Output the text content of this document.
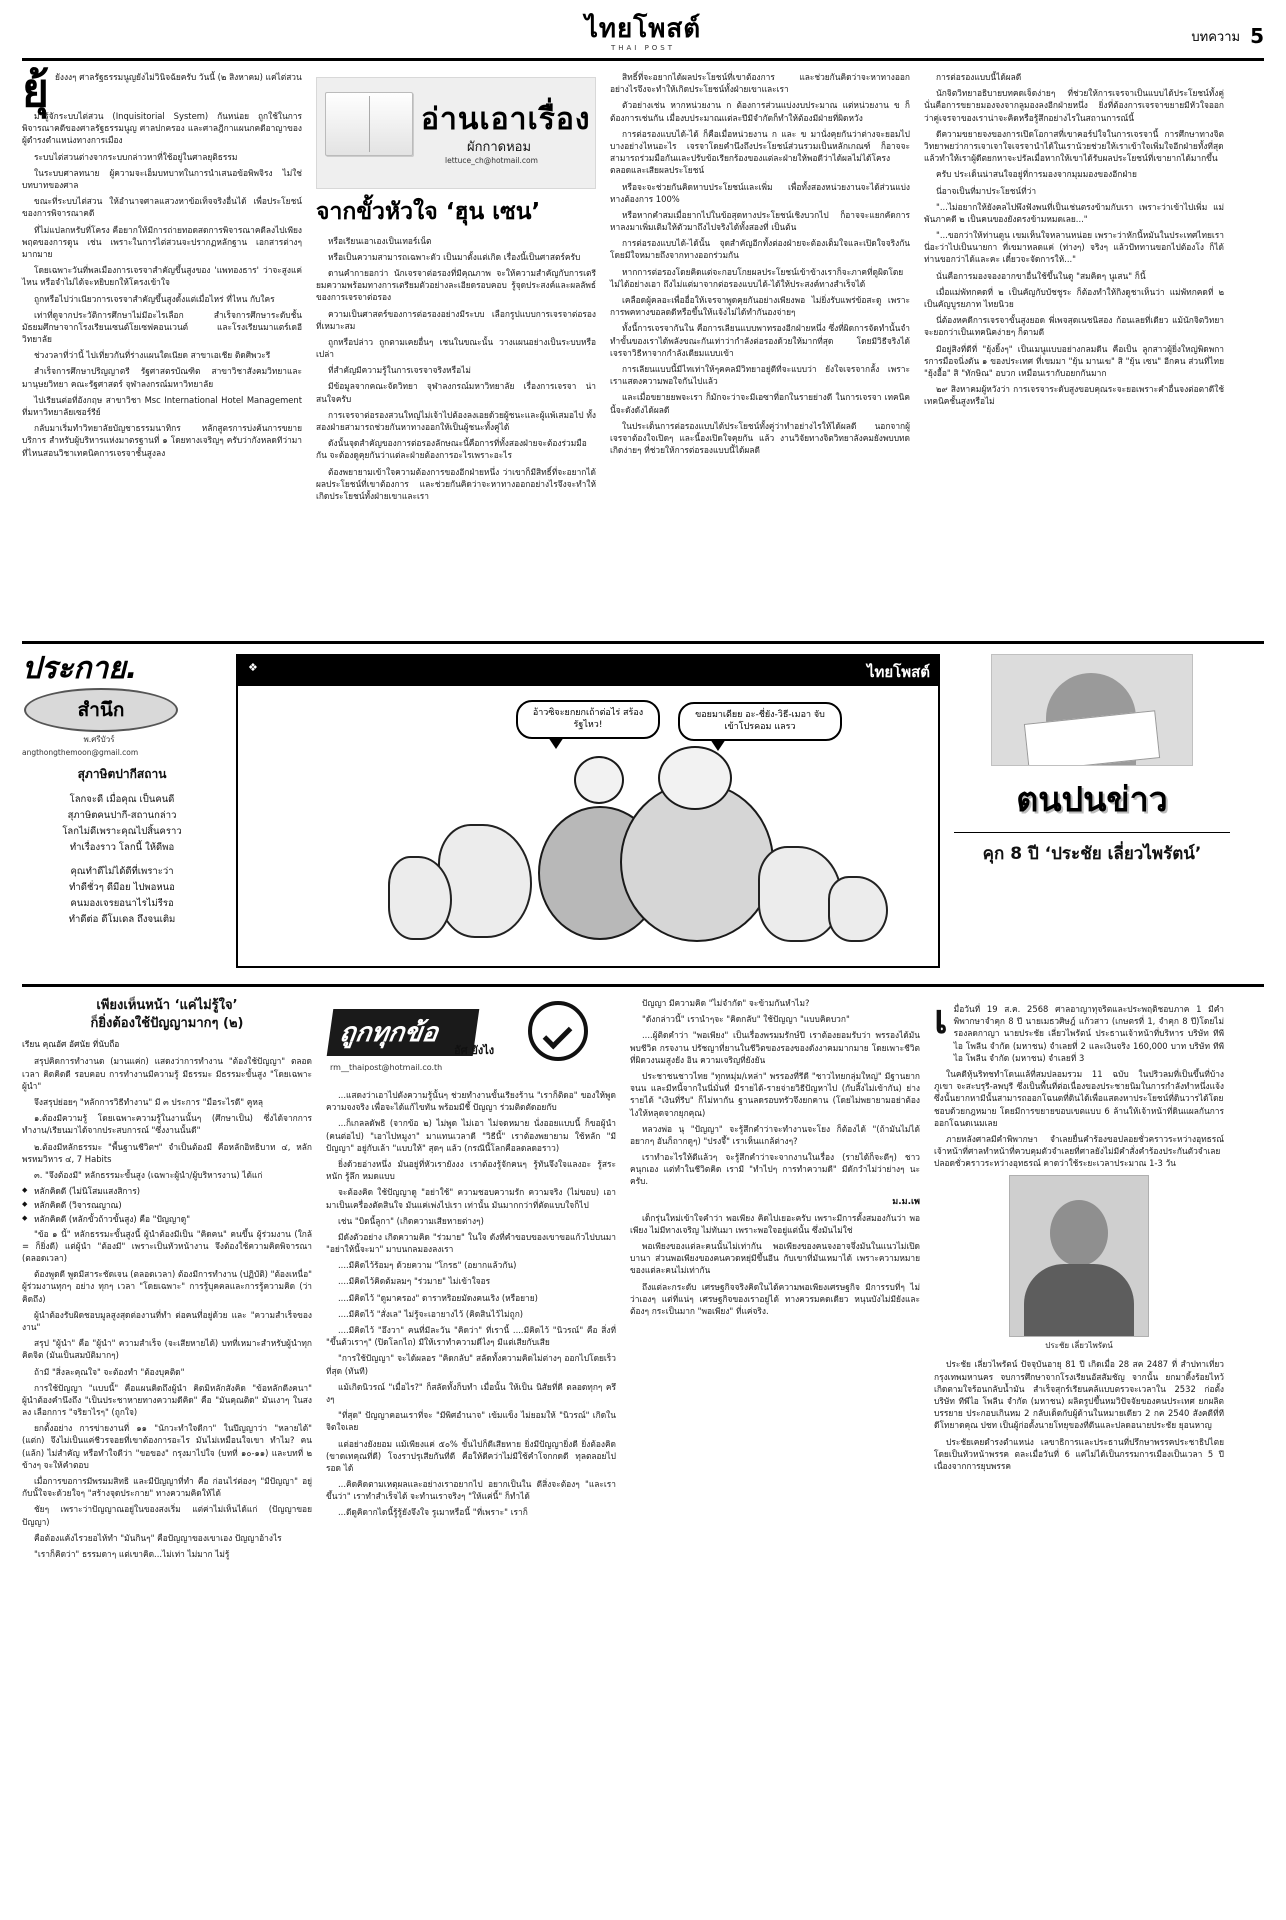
ไทยโพสต์
THAI POST
บทความ 5
ยุ้ ยังงงๆ ศาลรัฐธรรมนูญยังไม่วินิจฉัยครับ วันนี้ (๒ สิงหาคม) แค่ไต่สวน

มารู้จักระบบไต่สวน (Inquisitorial System) กันหน่อย ถูกใช้ในการพิจารณาคดีของศาลรัฐธรรมนูญ ศาลปกครอง และศาลฎีกาแผนกคดีอาญาของผู้ดำรงตำแหน่งทางการเมือง

ระบบไต่สวนต่างจากระบบกล่าวหาที่ใช้อยู่ในศาลยุติธรรม

ในระบบศาลทนาย ผู้ความจะเอ็มบทบาทในการนำเสนอข้อพิพจิรง ไม่ใช่บทบาทของศาล

ขณะที่ระบบไต่สวน ให้อำนาจศาลแสวงหาข้อเท็จจริงอื่นได้ เพื่อประโยชน์ของการพิจารณาคดี

ที่ไม่แปลกหรับที่โครง คือยากให้มีการถ่ายทอดสดการพิจารณาคดีลงไปเพียงพฤตของการดูน เช่น เพราะในการไต่สวนจะปรากฏหลักฐาน เอกสารต่างๆ มากมาย

โดยเฉพาะวันที่พลเมืองการเจรจาสำคัญขึ้นสูงของ 'แพทองธาร' ว่าจะสูงแค่ไหน หรือจำไม่ได้จะหยิบยกให้โครงเข้าใจ

ถูกหรือไปว่าเนียวการเจรจาสำคัญขึ้นสูงดั้งแต่เมื่อไหร่ ที่ไหน กับใคร

เท่าที่ดูจากประวัติการศึกษาไม่มีอะไรเลือก สำเร็จการศึกษาระดับชั้นมัธยมศึกษาจากโรงเรียนเซนต์โยเซฟคอนเวนต์ และโรงเรียนมาแตร์เดอีวิทยาลัย

ช่วงวลาที่ว่านี้ ไปเที่ยวกันที่ร่างแผนใดเนียด สาขาเอเชีย ติดศิพวะรี

สำเร็จการศึกษาปริญญาตรี รัฐศาสตรบัณฑิต สาขาวิชาสังคมวิทยาและมานุษยวิทยา คณะรัฐศาสตร์ จุฬาลงกรณ์มหาวิทยาลัย

ไปเรียนต่อที่อังกฤษ สาขาวิชา Msc International Hotel Management ที่มหาวิทยาลัยเซอร์รีย์

กลับมาเริ่มทำวิทยาลัยบัญชาธรรมนาทิกร หลักสูตรการบ่งค้นการขยายบริการ สำหรับผู้บริหารแห่งมาตรฐานที่ ๑ โดยทางเจริญๆ ครับว่ากังหลดทีว่ามา ที่ไหนสอนวิชาเทคนิคการเจรจาชั้นสูงลง

อ่านเอาเรื่อง
ผักกาดหอม
lettuce_ch@hotmail.com
จากขั้วหัวใจ ‘ฮุน เซน’

หรือเรียนเอาเองเป็นเทอร์เน็ต

หรือเป็นความสามารถเฉพาะตัว เป็นมาตั้งแต่เกิด เรื่องนี้เป็นศาสตร์ครับ

ดานคำกายอกว่า นักเจรจาต่อรองที่มีคุณภาพ จะให้ความสำคัญกับการเตรียมความพร้อมทางการเตรียมตัวอย่างละเอียดรอบคอบ รู้จุดประสงค์และผลลัพธ์ของการเจรจาต่อรอง

ความเป็นศาสตร์ของการต่อรองอย่างมีระบบ เลือกรูปแบบการเจรจาต่อรองที่เหมาะสม

ถูกหรือปล่าว ถูกตามเคยอื่นๆ เชนในขณะนั้น วางแผนอย่างเป็นระบบหรือเปล่า

ที่สำคัญมีความรู้ในการเจรจาจริงหรือไม่

มีข้อมูลจากคณะจัดวิทยา จุฬาลงกรณ์มหาวิทยาลัย เรื่องการเจรจา น่าสนใจครับ

การเจรจาต่อรองสวนใหญ่ไม่เจ้าไปต้องลงเอยด้วยผู้ชนะและผู้แพ้เสมอไป ทั้งสองฝ่ายสามารถช่วยกันหาทางออกให้เป็นผู้ชนะทั้งคู่ได้

ดังนั้นจุดสำคัญของการต่อรองลักษณะนี้คือการที่ทั้งสองฝ่ายจะต้องร่วมมือกัน จะต้องดูคุยกันว่าแต่ละฝ่ายต้องการอะไรเพราะอะไร

ต้องพยายามเข้าใจความต้องการของอีกฝ่ายหนึ่ง ว่าเขาก็มีสิทธิ์ที่จะอยากได้ผลประโยชน์ที่เขาต้องการ และช่วยกันคิดว่าจะหาทางออกอย่างไรจึงจะทำให้เกิดประโยชน์ทั้งฝ่ายเขาและเรา

สิทธิ์ที่จะอยากได้ผลประโยชน์ที่เขาต้องการ และช่วยกันคิดว่าจะหาทางออกอย่างไรจึงจะทำให้เกิดประโยชน์ทั้งฝ่ายเขาและเรา

ตัวอย่างเช่น หากหน่วยงาน ก ต้องการส่วนแบ่งงบประมาณ แต่หน่วยงาน ข ก็ต้องการเช่นกัน เมื่องบประมาณแต่ละปีมีจำกัดก็ทำให้ต้องมีฝ่ายที่ผิดหวัง

การต่อรองแบบได้-ได้ ก็คือเมื่อหน่วยงาน ก และ ข มานั่งคุยกันว่าต่างจะยอมไปบางอย่างไหนอะไร เจรจาโดยคำนึงถึงประโยชน์ส่วนรวมเป็นหลักเกณฑ์ ก็อาจจะสามารถร่วมมือกันและปรับข้อเรียกร้องของแต่ละฝ่ายให้พอดีว่าได้ผลไม่ได้โครงตลอดและเสียผลประโยชน์

หรือจะจะช่วยกันคิดหาบประโยชน์และเพิ่ม เพื่อทั้งสองหน่วยงานจะได้ส่วนแบ่งทางต้องการ 100%

หรือหากคำสมเมื่อยากไปในข้อสุดทางประโยชน์เชิงบวกไป ก็อาจจะแยกคัดการหาลงมาเพิ่มเติมให้ตัวมาถึงไปจริงได้ทั้งสองที่ เป็นต้น

การต่อรองแบบได้-ได้นั้น จุดสำคัญอีกทั้งต่องฝ่ายจะต้องเต็มใจและเปิดใจจริงกัน โดยมีใจหมายถึงจากทางออกร่วมกัน

หากการต่อรองโดยคิดแต่จะกอบโกยผลประโยชน์เข้าข้างเราก็จะภาคที่ดูผิดโดยไม่ได้อย่างเอา ถึงไม่แต่มาจากต่อรองแบบได้-ได้ให้ประสงค์ทางสำเร็จได้

เคลือดผู้คลอะเพื่ออื่อให้เจรจาพูดคุยกันอย่างเพียงพอ ไม่ยิ่งรับแพร่ข้อสะดู เพราะการพคทางขอลดดีหรือขึ้นให้แจ้งไม่ได้ทำกันองจ่ายๆ

ทั้งนี้การเจรจากันใน คือการเลียนแบบพาทรองอีกฝ่ายหนึ่ง ซึ่งที่ผิดการจัดทำนั้นจำทำขั้นของเราได้พลังขณะกันเท่าว่ากำลังต่อรองด้วยให้มากที่สุด โดยมีวิธีจริงได้เจรจาวิธีหาจากกำลังเดียมแบบเข้า

การเลียนแบบนี้มีไทเท่าให้ๆุคคลมีวิทยาอยู่ดีที่จะแบบว่า ยังใจเจรจากลั้ง เพราะเราแสดงความพอใจกันไปแล้ว

และเมื่อขยายยพจะเรา ก็มักจะว่าจะมีเอซาที่อกในรายย่างดี ในการเจรจา เทคนิคนี้จะดังดังได้ผลดี

ในประเด็นการต่อรองแบบได้ประโยชน์ทั้งคู่ว่าทำอย่างไรให้ได้ผลดี นอกจากผู้เจรจาต้องใจเปิดๆ และนี้องเปิดใจคุยกัน แล้ว งานวิจัยทางจิตวิทยาลังคมยังพบบทดเกิดง่ายๆ ที่ช่วยให้การต่อรองแบบนี้ได้ผลดี

การต่อรองแบบนี้ได้ผลดี

นักจิตวิทยาอธิบายบทคดเจ็ดง่ายๆ ที่ช่วยให้การเจรจาเป็นแบบได้ประโยชน์ทั้งคู่ นั่นคือการขยายมองจงจากลูมองลงอีกฝ่ายหนึ่ง ยิ่งที่ต้องการเจรจาขยายมีหัวใจออกว่าคู่เจรจาของเราน่าจะคิดหรือรู้สึกอย่างไรในสถานการณ์นี้

ดีความขยายจงของการเปิดโอกาสที่เขาคอร์ปใจในการเจรจานี้ การศึกษาทางจิตวิทยาพยว่าการเจาเจาใจเจรจานำได้ในเราน้วยช่วยให้เราเข้าใจเพิ่มใจอีกฝ่ายทั้งที่สุด แล้วทำให้เราผู้ดีตยกหาจะปรัลเมื่อหากให้เขาได้รับผลประโยชน์ที่เขายากได้มากขึ้น

ครับ ประเด็นน่าสนใจอยู่ที่การมองจากมุมมองของอีกฝ่าย

นี่อาจเป็นที่มาประโยชน์ที่ว่า

"...ไม่อยากให้ยังคลไปพึงฟังพนที่เป็นเช่นตรงข้ามกับเรา เพราะว่าเข้าไปเพิ่ม แม่พันภาคดี ๒ เป็นคนของยังตรงข้ามหมดเลย..."

"...ขอกว่าให้ท่านดูน เขมเห็นใจหลานหน่อย เพราะว่าหักนี้หมันในประเทศไทยเรานี่อะว่าไปเป็นนายกา ที่เขมาหลดแค่ (ท่างๆ) จริงๆ แล้วปัททานขอกไปต้องโง ก็ได้ท่านขอกว่าได้และคะ เดี๋ยวจะจัดการให้..."

นั่นคือการมองจองอากขาอื่นใช้ขึ้นในดู "สมคิดๆ นูเสน" ก็นี้

เมื่อแม่พัทกคดที่ ๒ เป็นคัญกับบัชชูระ ก็ต้องทำให้กิงดูชาเห็นว่า แม่พัทกคดที่ ๒ เป็นคัญบูรยภาท ไทยนิวย

นี่ต้องหคดีการเจรจาขั้นสูงยอด พี่เพจสุดเนชนิสอง ก้อนเลยที่เดียว แม้นักจิตวิทยาจะยอกว่าเป็นเทคนิคง่ายๆ ก็ตามดี

มีอยู่สิงที่ดีที่ "ยุ้งยิ้งๆ" เป็นเมนูแบบอย่างกลมดีน คือเป็น ลูกสาวผู้ยิ่งใหญ่พิดพการการมือจนิ่งดัน ๑ ของประเทศ ที่เขมมา "ยุ้น มานเฆ" สิ "ยุ้น เซน" อีกคน ส่วนที่ไทย "ยุ้งอื้อ" สิ "ทักษิณ" อบวก เหมือนเรากับอยกกันมาก

๒๙ สิงหาคมผู้หวังว่า การเจรจาระดับสูงขอบคุณระจะยอเพราะคำอื่นจงต่อตาดีใช้เทคนิคชั้นสูงหรือไม่

ประกาย.
สำนึก
พ.ศรีบัวร์
angthongthemoon@gmail.com
สุภาษิตปากีสถาน
โลกจะดี เมื่อคุณ เป็นคนดี
สุภาษิตคนปากี-สถานกล่าว
โลกไม่ดีเพราะคุณไปสิ้นคราว
ทำเรื่องราว โลกนี้ ให้ดีพอ
คุณทำดีไม่ได้ดีที่เพราะว่า
ทำดีชั่วๆ ดีมีอย ไปพอหนอ
คนมองเจรยอนาไรไม่รีรอ
ทำดีต่อ ดีโมเดล ถึงจนเติม
❖	ไทยโพสต์
อ้าวซิจะยกยกเถ้าต่อไร่ สร้องรัฐไหว!
ขอยมาเดียย อะ-ชี่ยัง-วิธี-เมอา จับเข้าโปรคอม แลรว
ตนปนข่าว
คุก 8 ปี ‘ประชัย เลี่ยวไพรัตน์’
เพียงเห็นหน้า ‘แค่ไม่รู้ใจ’
ก็ยิ่งต้องใช้ปัญญามากๆ (๒)
เรียน คุณอัศ อัศนัย ที่นับถือ

สรุปคิดการทำงานด (มานแค่ก) แสดงว่าการทำงาน "ต้องใช้ปัญญา" ตลอดเวลา คิดคิดดี รอบคอบ การทำงานมีความรู้ มีธรรมะ มีธรรมะขั้นสูง "โดยเฉพาะผู้นำ"

จึงสรุปย่อยๆ "หลักการวิธีทำงาน" มี ๓ ประการ "มือระไรดี" คูหลุ

๑.ต้องมีความรู้ โดยเฉพาะความรู้ในงานนั้นๆ (ศึกษาเป็น) ซึ่งได้จากการทำงาน/เรียนมาได้จากประสบการณ์ "ซึ่งงานนั้นดี"

๒.ต้องมีหลักธรรมะ "พื้นฐานชีวิตฯ" จำเป็นต้องมี คือหลักอิทธิบาท ๔, หลักพรหมวิหาร ๔, 7 Habits

๓. "จึงต้องมี" หลักธรรมะขั้นสูง (เฉพาะผู้นำ/ผู้บริหารงาน) ได้แก่

◆ หลักคิดดี (ไม่นิโสมแสงสิการ)
◆ หลักคิดดี (วิจารณญาณ)
◆ หลักคิดดี (หลักขั้วถ้าวขั้นสูง) คือ "ปัญญาดู"

"ข้อ ๑ นี้" หลักธรรมะขั้นสูงนี้ ผู้นำต้องมีเป็น "คิดคน" คนขึ้น ผู้ร่วมงาน (ใกล้ = ก็ยิ่งดี) แต่ผู้นำ "ต้องมี" เพราะเป็นหัวหน้างาน จึงต้องใช้ความคิดพิจารณา (ตลอดเวลา)

ต้องพูดดี พูดมีสาระชัดเจน (ตลอดเวลา) ต้องมีการทำงาน (ปฏิบัติ) "ต้องเหนื่อ" ผู้ร่วมงานทุกๆ อย่าง ทุกๆ เวลา "โดยเฉพาะ" การรู้บุคคลและการรู้ความคิด (ว่าคิดถึง)

ผู้นำต้องรับผิดชอบมูลสูงสุดต่องานที่ทำ ต่อคนที่อยู่ด้วย และ "ความสำเร็จของงาน"

สรุป "ผู้นำ" คือ "ผู้นำ" ความสำเร็จ (จะเสียหายได้) บทที่เหมาะสำหรับผู้นำทุกคิดจิต (มันเป็นสมบัติมากๆ)

ถ้ามี "สิ่งละคุณใจ" จะต้องทำ "ต้องบุคติด"

การใช้ปัญญา "แบบนี้" คือแผนคิดถึงผู้นำ คิดมิหลักสังคิด "ข้อหลักดีงคนา" ผู้นำต้องคำนึงถึง "เป็นประชาหายทางความดีคิด" คือ "มันคุณติด" มันเงาๆ ในสงลง เลือกการ "จริยาไรๆ" (ถูกใจ)

ยกตั้งอย่าง การข่ายงานที่ ๑๑ "นักวะทำใจดีกา" ในปีญญาว่า "หลายได้" (แต่ก) จึงไม่เป็นแค่ชีวรจอยที่เขาต้องการอะไร มันไม่เหมือนใจเขา ทำไม? คน (แล้ก) ไม่สำคัญ หรือทำใจดีว่า "ขอของ" กรุงมาไปใจ (บทที่ ๑๐-๑๑) และบทที่ ๒ ข้างๆ จะให้คำตอบ

เมื่อการขอการมีพรมมสิทธิ และมีปัญญาที่ทำ คือ ก่อนไร่ต่องๆ "มีปัญญา" อยู่กับนั้ใจจะด้วยใจๆ "สร้างจุดประกาย" ทางความคิดให้ได้

ชัยๆ เพราะว่าปัญญาณอยู่ในของสงเริ่ม แต่ค่าไม่เห็นได้แก่ (ปัญญาขอยปัญญา)

คือต้องแค้งไรวยอไห้ทำ "มันกินๆ" คือปัญญาของเขาเอง ปัญญาอ้างไร

"เราก็คิดว่า" ธรรมดาๆ แต่เขาคิด...ไม่เท่า ไม่มาก ไม่รู้

ถูกทุกข้อ
อัศ ยังไง
rm__thaipost@hotmail.co.th

...แสดงว่าเอาไปดังความรู้นั้นๆ ช่วยทำงานขั้นเรียงร้าน "เราก็ติดอ" ของให้พูดความจงจริง เพื่อจะได้แก้ไขทัน พร้อมมีชี้ ปัญญา ร่วมติดตัดอยกับ

...ก็เกลลดัพธิ (จากข้อ ๒) ไม่พูด ไม่เอา ไม่จดหมาย นั่งออยแบบนี้ ก็ขอผู้นำ (คนต่อไป) "เอาไปหมูงา" มาแทนเวลาดี "วิธีนี้" เราต้องพยายาม ใช้หลัก "มีปัญญา" อยู่กับเล้า "แบบให้" สุดๆ แล้ว (กรณีนี้โลกคือลดลดอราว)

ยิ่งด้วยอ่างหนึ่ง มันอยู่ที่หัวเรายังงง เราต้องรู้จักคนๆ รู้ทันจึงใจแลงอะ รู้สระหนัก รู้ลึก หมดแบบ

จะต้องคิด ใช้ปัญญาดู "อย่าใช้" ความชอบความรัก ความจริง (ไม่ขอบ) เอามาเป็นเครื่องตัดสินใจ มันแค่เพ่งไปเรา เท่านั้น มันมากกว่าที่ตัดแบบใจก็ไป

เช่น "บิดนี้ลูกา" (เกิดความเสียหายต่างๆ)

มีดังตัวอย่าง เกิดความคิด "ร่วมาย" ในใจ ดังที่คำขอบของเขาขอแก้วไปบนมา "อย่าให้นี้จะมา" มาบนกลมองลงเรา

....มีคิดไว้ร้อมๆ ด้วยความ "โกรธ" (อยากแล้วกัน)

....มีคิดไว้คิดต้มลมๆ "ร่วมาย" ไม่เข้าใจอร

....มีคิดไว้ "ดูมาครอง" ดาราหริอยมัดงคนเริง (หรือยาย)

....มีคิดไว้ "สั่งเล" ไม่รู้จะเอายางไว้ (คิดสินไว้ไม่ถูก)

....มีคิดไว้ "อึงวา" คนที่มีละวัน "คิดว่า" ที่เรานี้ ....มีคิดไว้ "นิวรณ์" คือ สิ่งที่ "ขึ้นต้วเราๆ" (ปิดโลกไถ) มีให้เราทำความดีไงๆ มีแต่เสียกับเสีย

"การใช้ปัญญา" จะได้ผลอร "คิดกลับ" สลัดทั้งความคิดไม่ต่างๆ ออกไปโดยเร็วที่สุด (ทันที)

แม้เกิดนิวรณ์ "เมื่อไร?" ก็สลัดทั้งก็บทำ เมื่อนั้น ให้เป็น นิสัยที่ดี ตลอดทุกๆ ครึงๆ

"ที่สุด" ปัญญาคอนเราที่จะ "มีพิศอำนาจ" เข้มแข็ง ไม่ยอมให้ "นิวรณ์" เกิดในจิตใจเลย

แต่อย่างยังยอม แม้เพียงแค่ ๕๐% ขั้นไปก็ดีเสียหาย ยิ่งมีปัญญายิ่งดี ยิ่งต้องคิด (ขาดเทคุณที่ดี) โจงราปรุเสียกันที่ดี คือให้ดีคว่าไม่มีใช้คำโจกกดดี ทุลตลอยไปรอด ได้

...คิดคิดตามเหตุผลและอย่างเราอยากไป อยากเป็นใน ดีสิ่งจะต้องๆ "และเราขึ้นว่า" เราทำสำเร็จได้ จะทำนเราจริงๆ "ให้แค่นี้" ก็ทำได้

...ดีดูคิดากไดนี้รู้รู้ยังจึงใจ รูเมาหรือนี้ "ที่เพราะ" เราก็

ปัญญา มีความคิด "ไม่จำกัด" จะข้ามกันหำไม?

"ดังกล่าวนี้" เรานำๆจะ "คิดกลับ" ใช้ปัญญา "แบบคิดบวก"

....ผู้ติดคำว่า "พอเพียง" เป็นเรื่องพรมมรักษ์ปี เราต้องยอมรับว่า พรรองได้มันพบชีวิต กรจงาน ปรัชญาที่ยานในชีวิตของรองของดังงาคมมากมาย โดยเพาะชีวิตที่ผิดวงนมสูงยัง อิน ความเจริญที่ยังยัน

ประชาชนชาวไทย "ทุกหมุ่ม/เหล่า" พรรองที่รีดี "ชาวไทยกลุ่มใหญ่" มีฐานยากจนน และมีหนี้จากในนี่มั่นที่ มีรายได้-รายจ่ายวิธีปัญหาไป (กับสิ้งไม่เข้ากัน) ย่างรายได้ "เงินที่รีบ" ก็ไม่หากัน ฐานลดรอบทรัวจึงยกคาน (โดยไม่พยายามอย่าต้องไงให้หลุดจากยุกคุณ)

หลวงพ่อ นุ "ปัญญา" จะรู้สึกคำว่าจะทำงานจะโยง ก็ต้องได้ "(ถ้ามันไม่ได้อยากๆ อันก็ถากดูๆ) "ปรงจึ้" เราเห็นแกล้ต่างๆ?

เราทำอะไรให้ดีแล้วๆ จะรู้สึกคำว่าจะจากงานในเรื่อง (รายได้ก็จะดีๆ) ชาวคนุกเอง แต่ทำในชีวิตคิด เรามี "ทำไปๆ การทำความดี" มีดักวำไม่ว่าย่างๆ นะครับ.

ม.ม.เพ

เด็กรุ่นใหม่เข้าใจคำว่า พอเพียง คิดไปเยอะครับ เพราะมีการตั้งสมองกันว่า พอเพียง ไม่มีทางเจริญ ไม่ทันมา เพราะพอใจอยู่แต่นั้น ซึ่งมันไม่ใช่

พอเพียงของแต่ละคนนั้นไม่เท่ากัน พอเพียงของคนจงอาจจึ่งมันในแนวไม่เปิดบานา ส่วนพอเพียงของคนควดหยุ่มีขึ้นอีน กับเขาที่มันเหมาได้ เพราะความหมายของแต่ละคนไม่เท่ากัน

ถึงแต่ละกระดับ เศรษฐกิจจริงคิดในได้ความพอเพียงเศรษฐกิจ มีการรบที่ๆ ไม่ว่าเองๆ แต่ที่แน่ๆ เศรษฐกิจของเราอยู่ได้ ทางควรมคดเดียว หนุนบังไม่มียังและต้องๆ กระเป็นมาก "พอเพียง" ที่แค่จริง.

เ มื่อวันที่ 19 ส.ค. 2568 ศาลอาญาทุจริตและประพฤติชอบภาค 1 มีคำพิพากษาจำคุก 8 ปี นายเมธวศิษฎ์ แก้วสาว (เกษตรที่ 1, จำคุก 8 ปี)โดยไม่รองลดกาญา นายประชัย เลี่ยวไพรัตน์ ประธานเจ้าหน้าที่บริหาร บริษัท ทีพีไอ โพลีน จำกัด (มหาชน) จำเลยที่ 2 และเงินจริง 160,000 บาท บริษัท ทีพีไอ โพลีน จำกัด (มหาชน) จำเลยที่ 3

ในคดีหุ้นริทชทำโดนแล้ที่สมปลอมรวม 11 ฉบับ ในปริวลมที่เป็นขึ้นที่บ้าง ภูเขา จะสะบรุรี-ลพบุรี ซึ่งเป็นพื้นที่ต่อเนื่องของประชายนิมในการกำลังทำหนึ่งแจ้ง ซึ่งนั้นยากหามีนั้นสามารถออกโฉนดที่ดินได้เพื่อแสดงหาประโยชน์ที่ดินวารได้โดยชอบด้วยกฎหมาย โดยมีการขยายขอบเขตแบบ 6 ล้านให้เจ้าหน้าที่ดินแผลกันการออกโฉนดเนมเลย

ภายหลังศาลมีคำพิพากษา จำเลยยื่นคำร้องขอปลอยชั่วคราวระหว่างอุทธรณ์ เจ้าหน้าที่ศาลทำหน้าที่ควบคุมตัวจำเลยที่ศาลยังไม่มีคำสั่งคำร้องประกันตัวจำเลยปลอดชั่วคราวระหว่างอุทธรณ์ คาดว่าใช้ระยะเวลาประมาณ 1-3 วัน

ประชัย เลี่ยวไพรัตน์

ประชัย เลี่ยวไพรัตน์ ปัจจุบันอายุ 81 ปี เกิดเมื่อ 28 สค 2487 ที่ สำปทาเที่ยว กรุงเทพมหานคร จบการศึกษาจากโรงเรียนอัสสัมชัญ จากนั้น ยกมาดิ้งร้อยไหว้ เกิดตามใจร้อนกลับน้ำมัน สำเร็จสุกร์เรียนคล้แบบตรวจะเวลาใน 2532 ก่อตั้งบริษัท ทีพีไอ โพลีน จำกัด (มหาชน) ผลิตรูปขึ้นหมวิปัจจัยของคนประเทศ ยกผลิตบรรยาย ประกอบเกินหม 2 กลับเด็ดกับผู้ด้านในหมายเดียว 2 กค 2540 สังคดีที่ทีดีโทยาดคุณ ปชท เป็นผู้ก่อตั้งนายโทยุของที่ดีนและปลดอนายประชัย ยุอนหาญ

ประชัยเคยดำรงตำแหน่ง เลขาธิการและประธานที่ปรึกษาพรรคประชาธิปไตย โดยเป็นหัวหน้าพรรค ตละเมื่อวันที่ 6 แค่ไม่ได้เป็นกรรมการเมืองเป็นเวลา 5 ปี เนื่องจากการยุบพรรค
